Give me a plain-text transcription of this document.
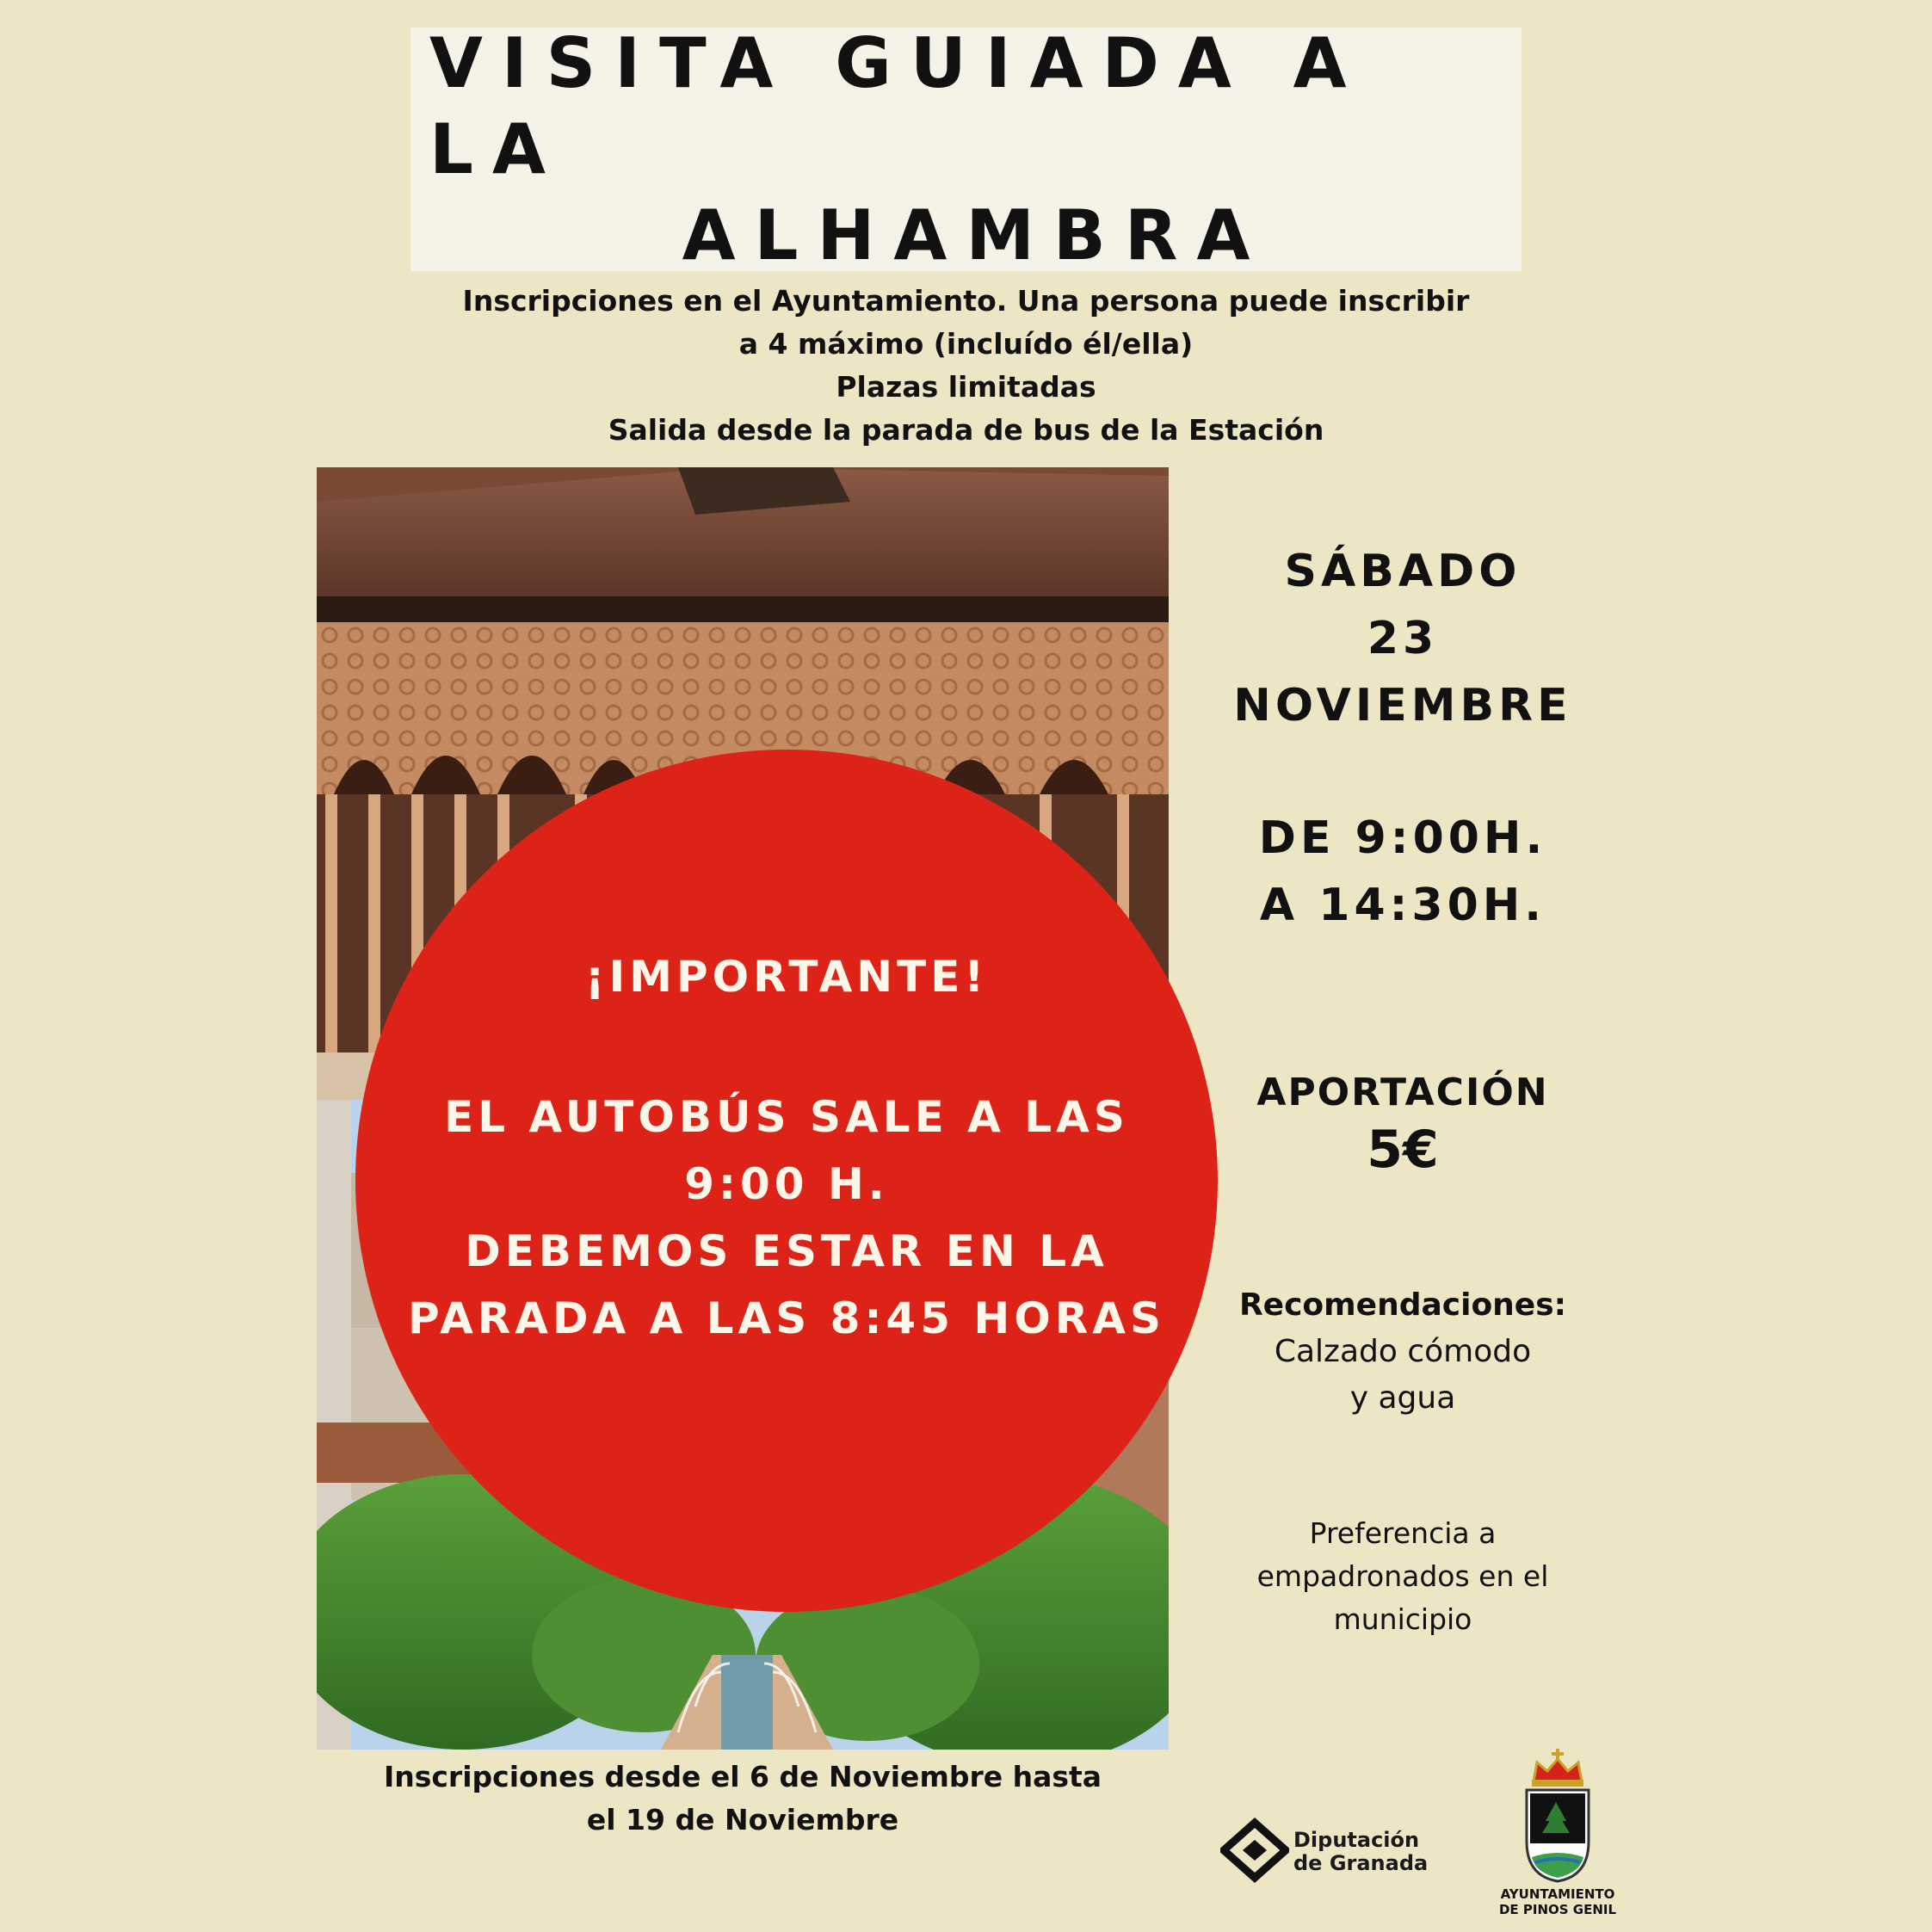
VISITA GUIADA A LA
ALHAMBRA
Inscripciones en el Ayuntamiento. Una persona puede inscribir
a 4 máximo (incluído él/ella)
Plazas limitadas
Salida desde la parada de bus de la Estación
¡IMPORTANTE!
EL AUTOBÚS SALE A LAS
9:00 H.
DEBEMOS ESTAR EN LA
PARADA A LAS 8:45 HORAS
SÁBADO
23
NOVIEMBRE
DE 9:00H.
A 14:30H.
APORTACIÓN
5€
Recomendaciones:
Calzado cómodo
y agua
Preferencia a
empadronados en el
municipio
Inscripciones desde el 6 de Noviembre hasta
el 19 de Noviembre
Diputación
de Granada
AYUNTAMIENTO
DE PINOS GENIL
